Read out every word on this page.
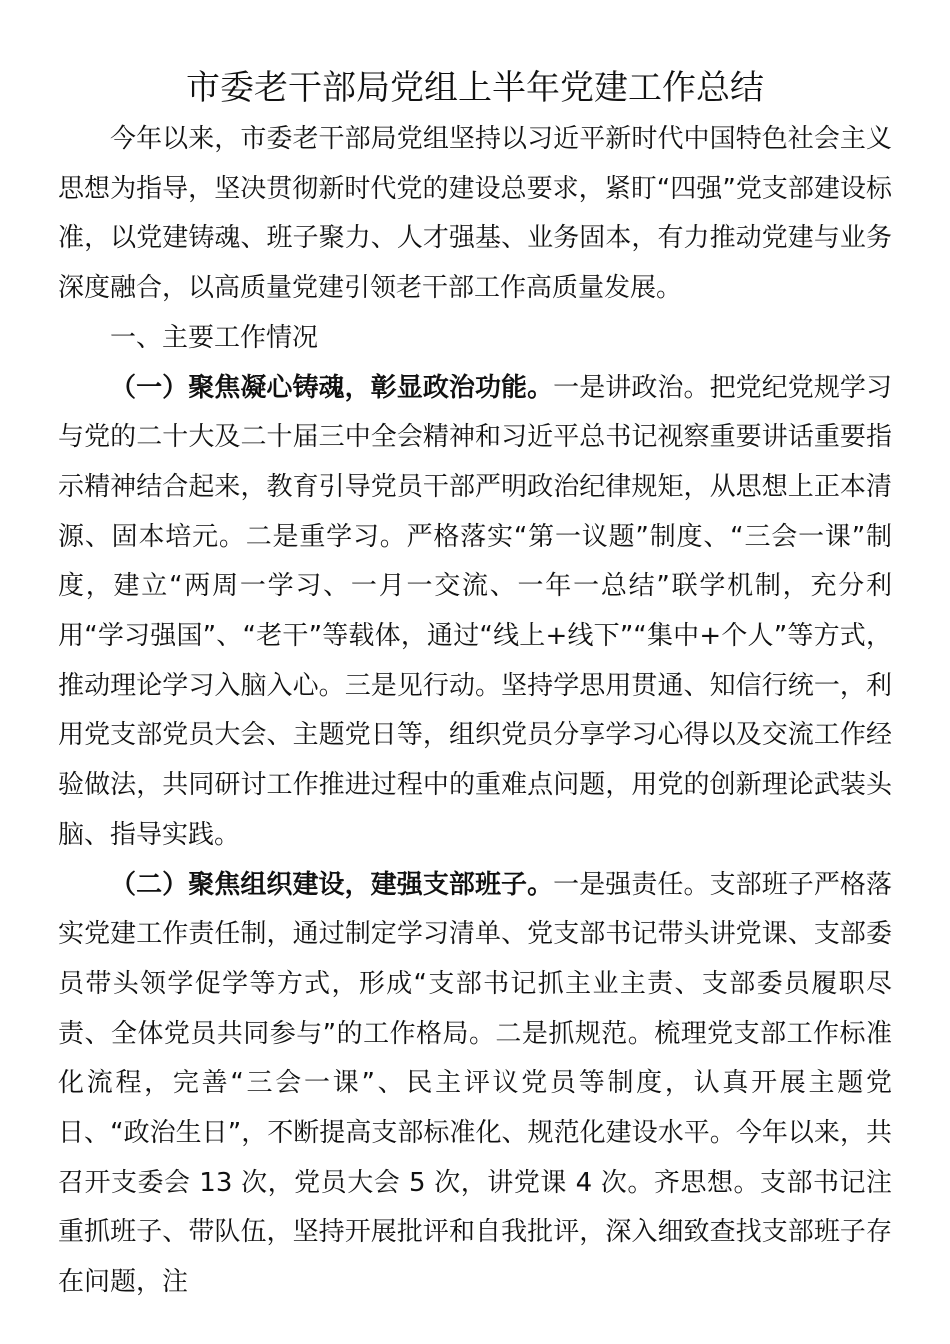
市委老干部局党组上半年党建工作总结

今年以来，市委老干部局党组坚持以习近平新时代中国特色社会主义思想为指导，坚决贯彻新时代党的建设总要求，紧盯“四强”党支部建设标准，以党建铸魂、班子聚力、人才强基、业务固本，有力推动党建与业务深度融合，以高质量党建引领老干部工作高质量发展。

一、主要工作情况

（一）聚焦凝心铸魂，彰显政治功能。一是讲政治。把党纪党规学习与党的二十大及二十届三中全会精神和习近平总书记视察重要讲话重要指示精神结合起来，教育引导党员干部严明政治纪律规矩，从思想上正本清源、固本培元。二是重学习。严格落实“第一议题”制度、“三会一课”制度，建立“两周一学习、一月一交流、一年一总结”联学机制，充分利用“学习强国”、“老干”等载体，通过“线上+线下”“集中+个人”等方式，推动理论学习入脑入心。三是见行动。坚持学思用贯通、知信行统一，利用党支部党员大会、主题党日等，组织党员分享学习心得以及交流工作经验做法，共同研讨工作推进过程中的重难点问题，用党的创新理论武装头脑、指导实践。

（二）聚焦组织建设，建强支部班子。一是强责任。支部班子严格落实党建工作责任制，通过制定学习清单、党支部书记带头讲党课、支部委员带头领学促学等方式，形成“支部书记抓主业主责、支部委员履职尽责、全体党员共同参与”的工作格局。二是抓规范。梳理党支部工作标准化流程，完善“三会一课”、民主评议党员等制度，认真开展主题党日、“政治生日”，不断提高支部标准化、规范化建设水平。今年以来，共召开支委会 13 次，党员大会 5 次，讲党课 4 次。齐思想。支部书记注重抓班子、带队伍，坚持开展批评和自我批评，深入细致查找支部班子存在问题，注
